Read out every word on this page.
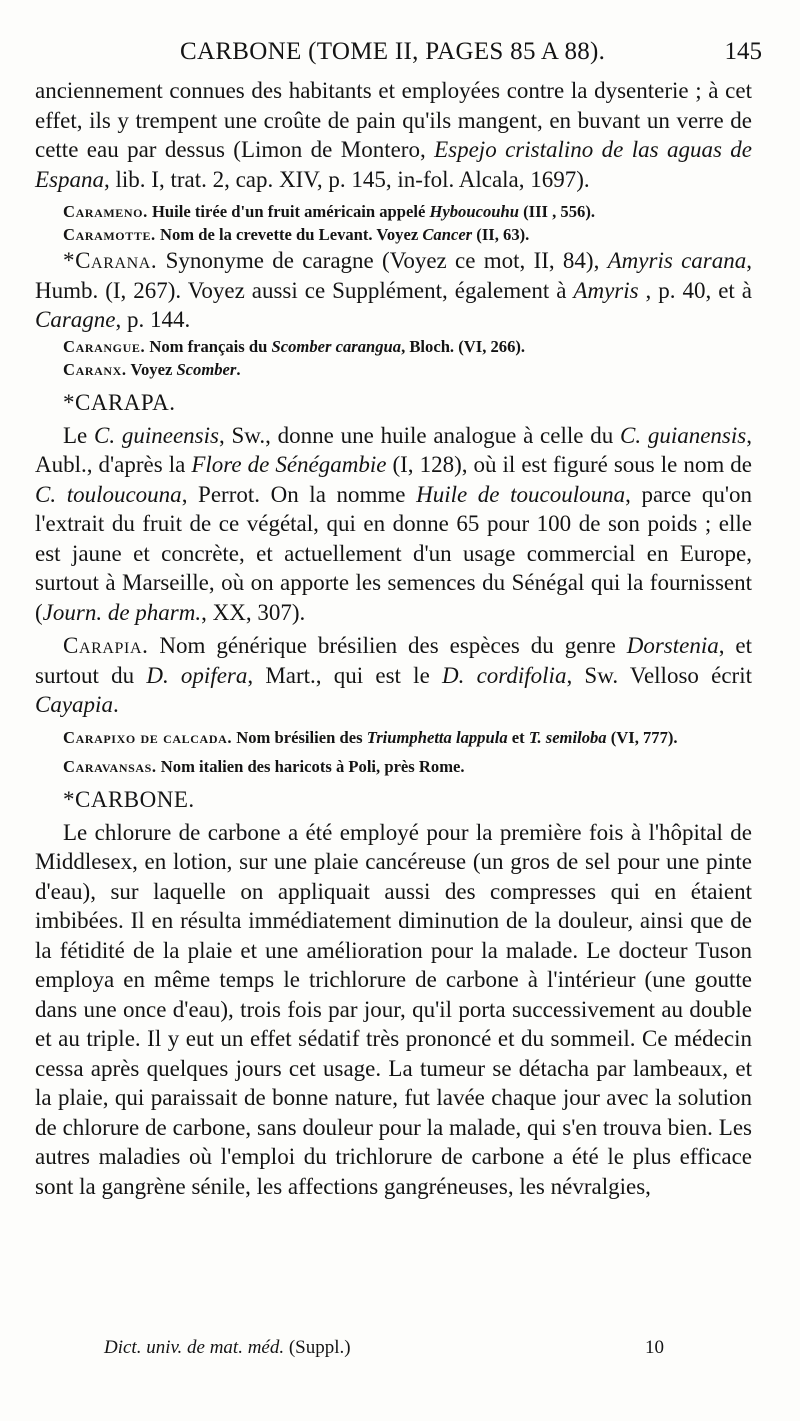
CARBONE (TOME II, PAGES 85 A 88).	145

anciennement connues des habitants et employées contre la dysenterie ; à cet effet, ils y trempent une croûte de pain qu'ils mangent, en buvant un verre de cette eau par dessus (Limon de Montero, Espejo cristalino de las aguas de Espana, lib. I, trat. 2, cap. XIV, p. 145, in-fol. Alcala, 1697).

Carameno. Huile tirée d'un fruit américain appelé Hyboucouhu (III , 556).

Caramotte. Nom de la crevette du Levant. Voyez Cancer (II, 63).

*Carana. Synonyme de caragne (Voyez ce mot, II, 84), Amyris carana, Humb. (I, 267). Voyez aussi ce Supplément, également à Amyris , p. 40, et à Caragne, p. 144.

Carangue. Nom français du Scomber carangua, Bloch. (VI, 266).

Caranx. Voyez Scomber.

*CARAPA.

Le C. guineensis, Sw., donne une huile analogue à celle du C. guianensis, Aubl., d'après la Flore de Sénégambie (I, 128), où il est figuré sous le nom de C. touloucouna, Perrot. On la nomme Huile de toucoulouna, parce qu'on l'extrait du fruit de ce végétal, qui en donne 65 pour 100 de son poids ; elle est jaune et concrète, et actuellement d'un usage commercial en Europe, surtout à Marseille, où on apporte les semences du Sénégal qui la fournissent (Journ. de pharm., XX, 307).

Carapia. Nom générique brésilien des espèces du genre Dorstenia, et surtout du D. opifera, Mart., qui est le D. cordifolia, Sw. Velloso écrit Cayapia.

Carapixo de calcada. Nom brésilien des Triumphetta lappula et T. semiloba (VI, 777).

Caravansas. Nom italien des haricots à Poli, près Rome.

*CARBONE.

Le chlorure de carbone a été employé pour la première fois à l'hôpital de Middlesex, en lotion, sur une plaie cancéreuse (un gros de sel pour une pinte d'eau), sur laquelle on appliquait aussi des compresses qui en étaient imbibées. Il en résulta immédiatement diminution de la douleur, ainsi que de la fétidité de la plaie et une amélioration pour la malade. Le docteur Tuson employa en même temps le trichlorure de carbone à l'intérieur (une goutte dans une once d'eau), trois fois par jour, qu'il porta successivement au double et au triple. Il y eut un effet sédatif très prononcé et du sommeil. Ce médecin cessa après quelques jours cet usage. La tumeur se détacha par lambeaux, et la plaie, qui paraissait de bonne nature, fut lavée chaque jour avec la solution de chlorure de carbone, sans douleur pour la malade, qui s'en trouva bien. Les autres maladies où l'emploi du trichlorure de carbone a été le plus efficace sont la gangrène sénile, les affections gangréneuses, les névralgies,

Dict. univ. de mat. méd. (Suppl.)	10
